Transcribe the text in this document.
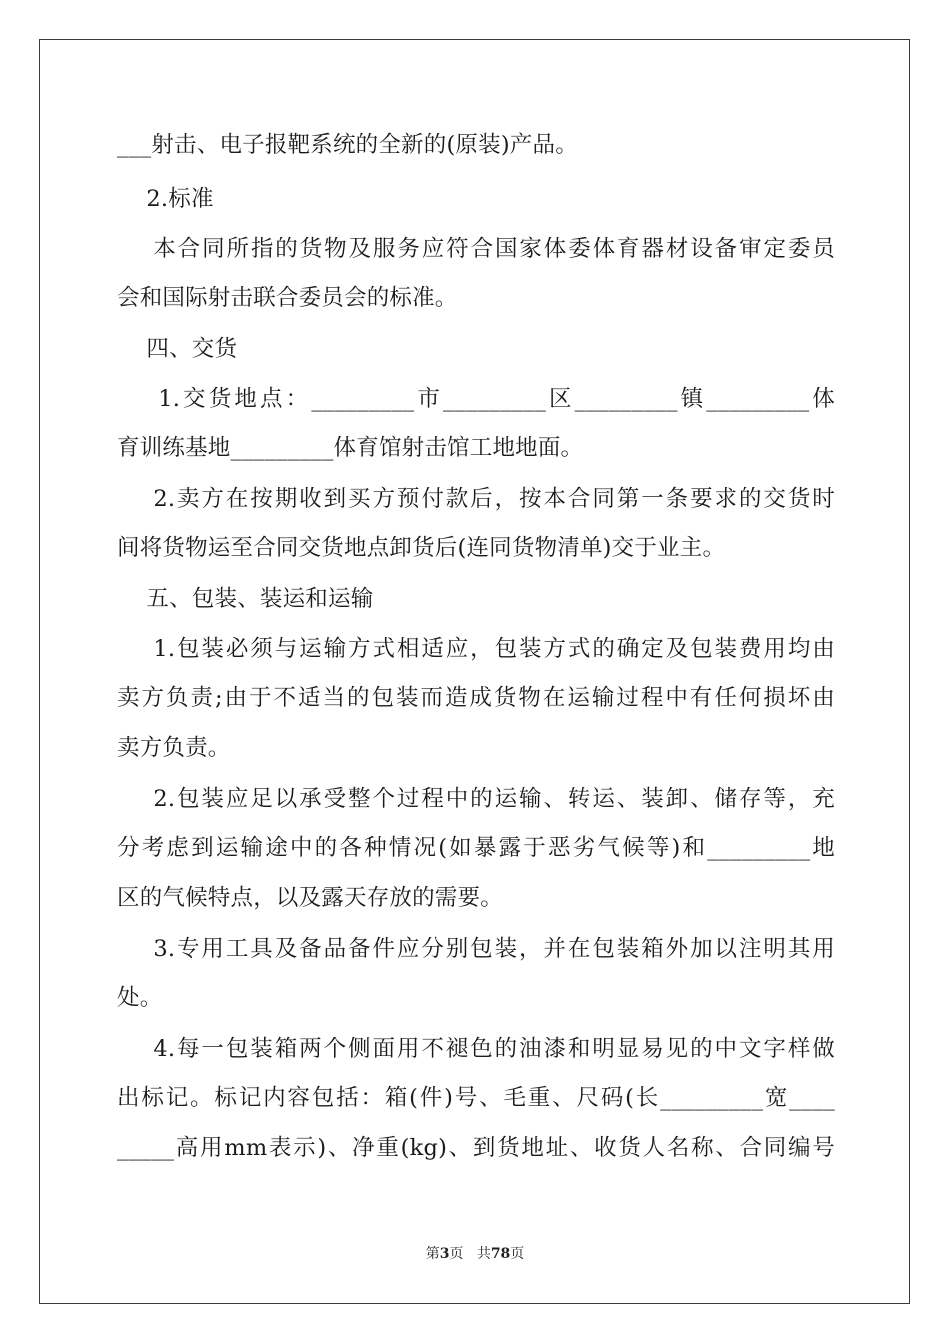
___射击、电子报靶系统的全新的(原装)产品。
2.标准
本合同所指的货物及服务应符合国家体委体育器材设备审定委员
会和国际射击联合委员会的标准。
四、交货
1.交货地点：_________市_________区_________镇_________体
育训练基地_________体育馆射击馆工地地面。
2.卖方在按期收到买方预付款后，按本合同第一条要求的交货时
间将货物运至合同交货地点卸货后(连同货物清单)交于业主。
五、包装、装运和运输
1.包装必须与运输方式相适应，包装方式的确定及包装费用均由
卖方负责;由于不适当的包装而造成货物在运输过程中有任何损坏由
卖方负责。
2.包装应足以承受整个过程中的运输、转运、装卸、储存等，充
分考虑到运输途中的各种情况(如暴露于恶劣气候等)和_________地
区的气候特点，以及露天存放的需要。
3.专用工具及备品备件应分别包装，并在包装箱外加以注明其用
处。
4.每一包装箱两个侧面用不褪色的油漆和明显易见的中文字样做
出标记。标记内容包括：箱(件)号、毛重、尺码(长_________宽____
_____高用mm表示)、净重(kg)、到货地址、收货人名称、合同编号
第3页 共78页
